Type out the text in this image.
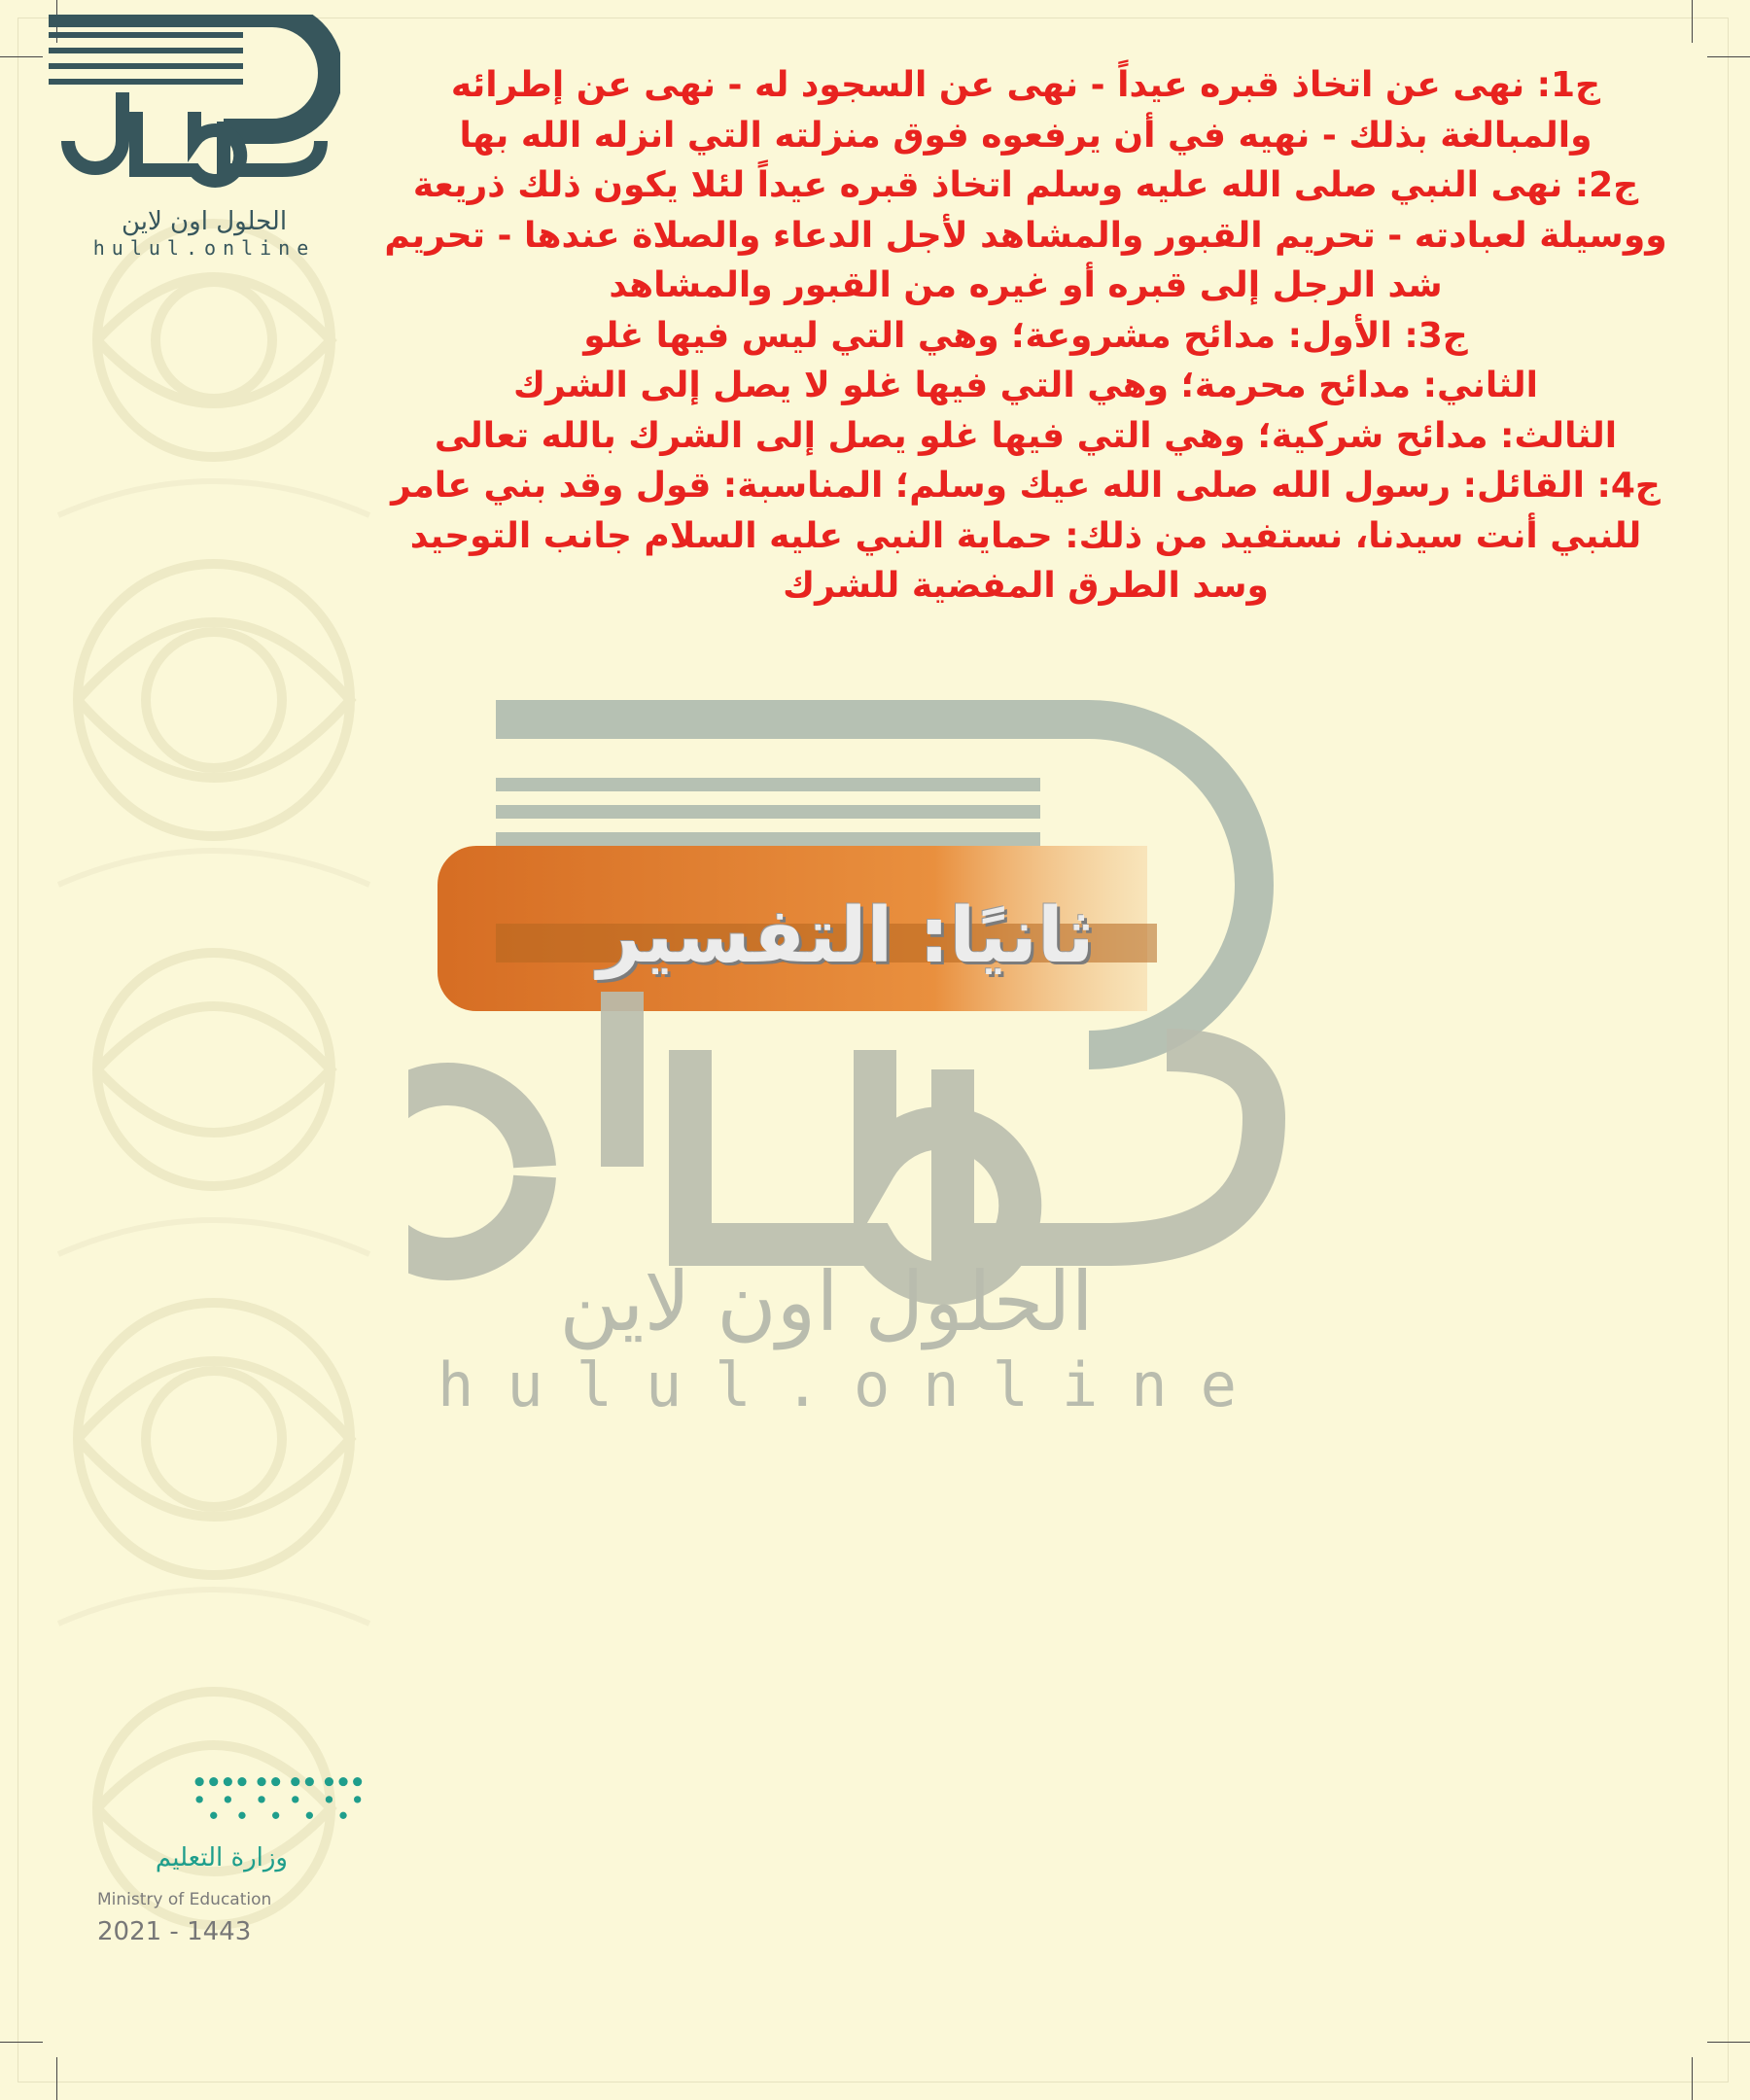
الحلول اون لاين
hulul.online

ج1: نهى عن اتخاذ قبره عيداً - نهى عن السجود له - نهى عن إطرائه والمبالغة بذلك - نهيه في أن يرفعوه فوق منزلته التي انزله الله بها

ج2: نهى النبي صلى الله عليه وسلم اتخاذ قبره عيداً لئلا يكون ذلك ذريعة ووسيلة لعبادته - تحريم القبور والمشاهد لأجل الدعاء والصلاة عندها - تحريم شد الرجل إلى قبره أو غيره من القبور والمشاهد

ج3: الأول: مدائح مشروعة؛ وهي التي ليس فيها غلو

الثاني: مدائح محرمة؛ وهي التي فيها غلو لا يصل إلى الشرك

الثالث: مدائح شركية؛ وهي التي فيها غلو يصل إلى الشرك بالله تعالى

ج4: القائل: رسول الله صلى الله عيك وسلم؛ المناسبة: قول وقد بني عامر للنبي أنت سيدنا، نستفيد من ذلك: حماية النبي عليه السلام جانب التوحيد وسد الطرق المفضية للشرك

ثانيًا: التفسير
الحلول اون لاين
hulul.online
وزارة التعليم
Ministry of Education
2021 - 1443
